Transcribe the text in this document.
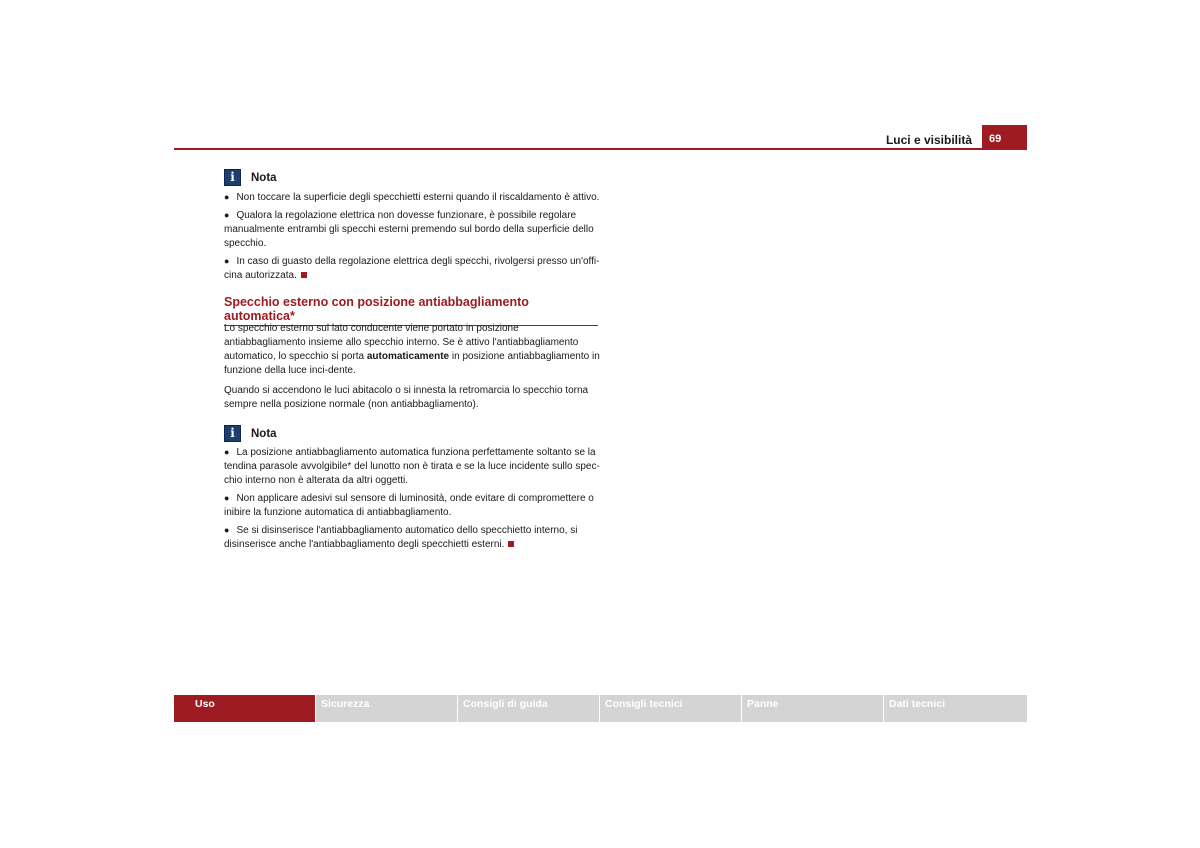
Luci e visibilità	69
i	Nota

● Non toccare la superficie degli specchietti esterni quando il riscaldamento è attivo.

● Qualora la regolazione elettrica non dovesse funzionare, è possibile regolare manualmente entrambi gli specchi esterni premendo sul bordo della superficie dello specchio.

● In caso di guasto della regolazione elettrica degli specchi, rivolgersi presso un'offi-cina autorizzata.

Specchio esterno con posizione antiabbagliamento automatica*

Lo specchio esterno sul lato conducente viene portato in posizione antiabbagliamento insieme allo specchio interno. Se è attivo l'antiabbagliamento automatico, lo specchio si porta automaticamente in posizione antiabbagliamento in funzione della luce inci-dente.

Quando si accendono le luci abitacolo o si innesta la retromarcia lo specchio torna sempre nella posizione normale (non antiabbagliamento).

i	Nota

● La posizione antiabbagliamento automatica funziona perfettamente soltanto se la tendina parasole avvolgibile* del lunotto non è tirata e se la luce incidente sullo spec-chio interno non è alterata da altri oggetti.

● Non applicare adesivi sul sensore di luminosità, onde evitare di compromettere o inibire la funzione automatica di antiabbagliamento.

● Se si disinserisce l'antiabbagliamento automatico dello specchietto interno, si disinserisce anche l'antiabbagliamento degli specchietti esterni.

Uso	Sicurezza	Consigli di guida	Consigli tecnici	Panne	Dati tecnici
